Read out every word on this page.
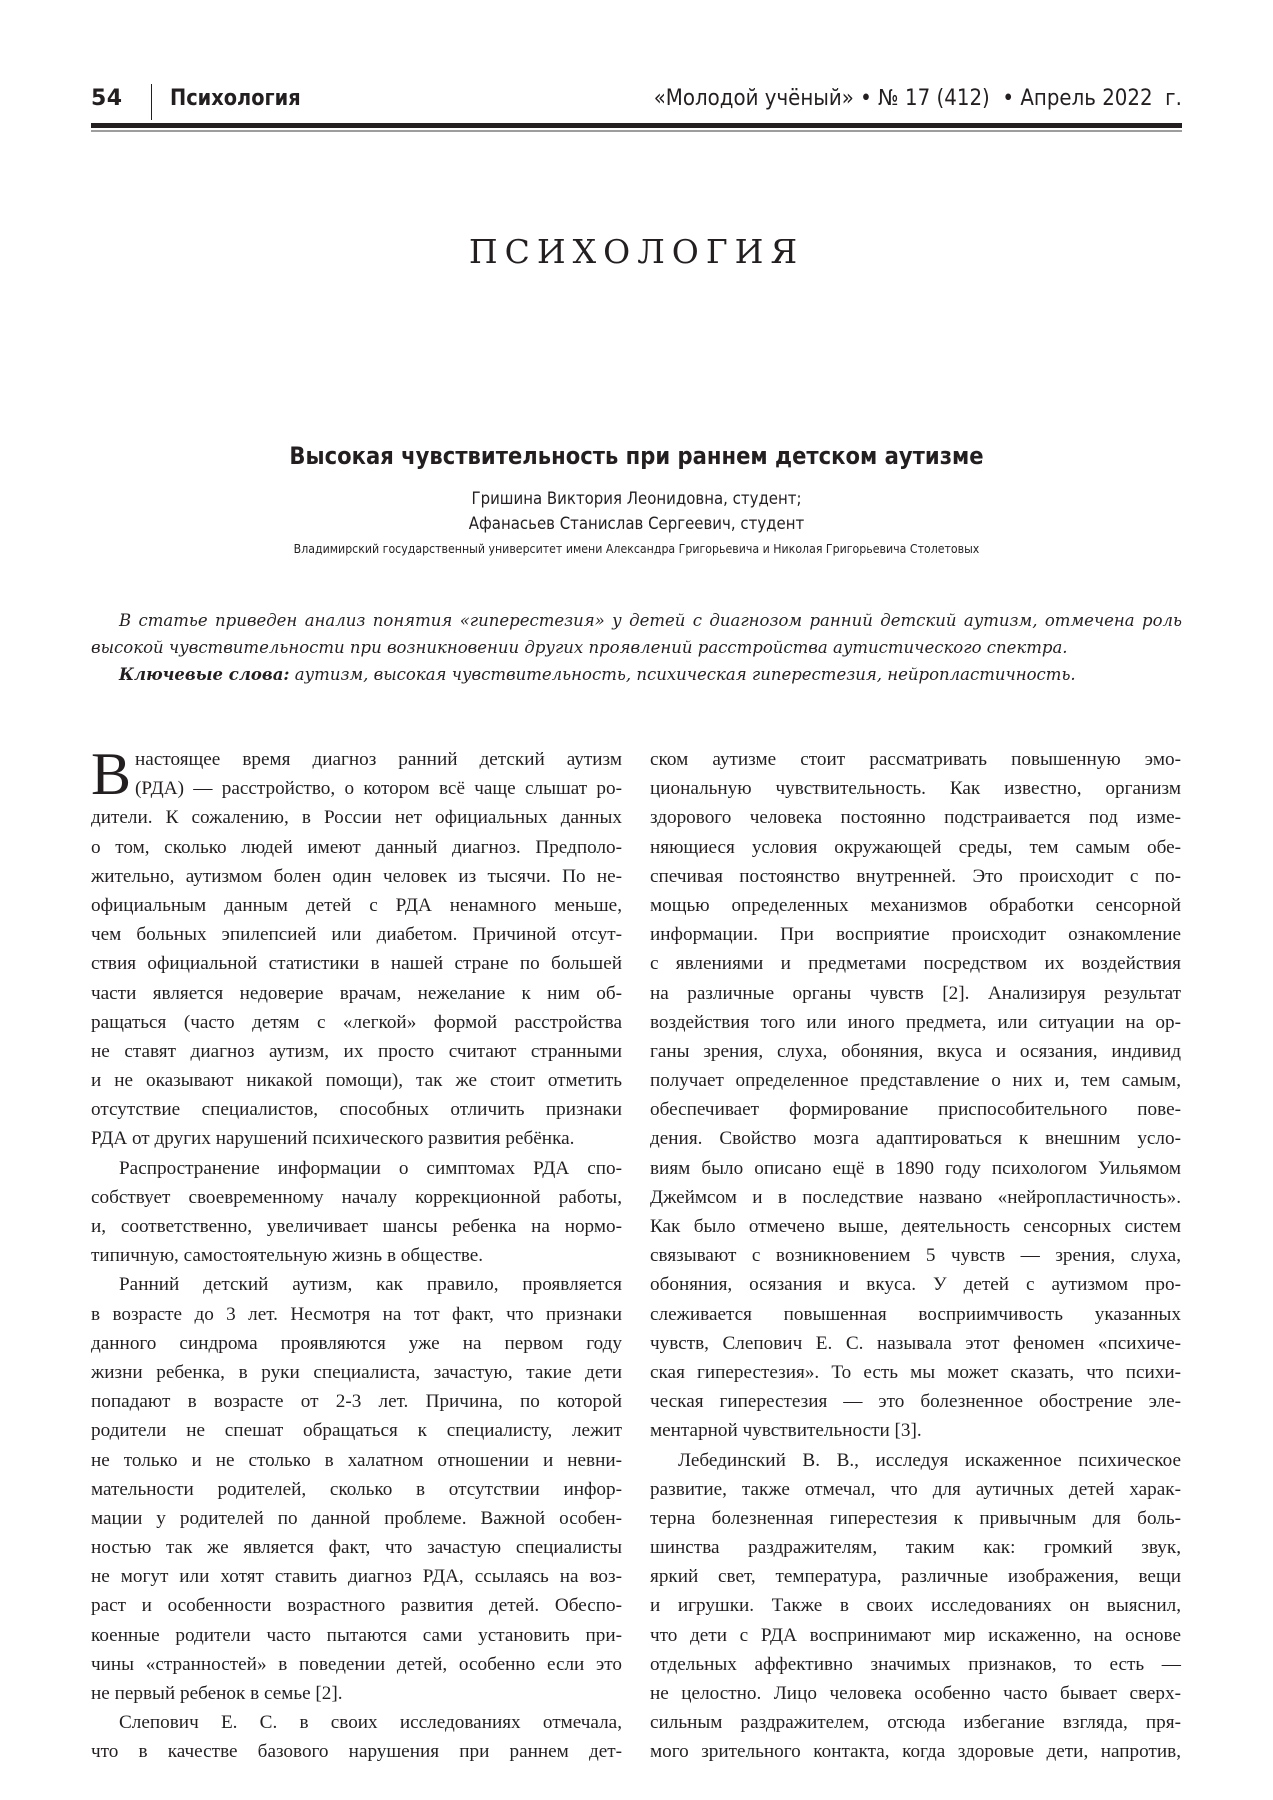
54 Психология	«Молодой учёный» • № 17 (412)  • Апрель 2022  г.
ПСИХОЛОГИЯ
Высокая чувствительность при раннем детском аутизме
Гришина Виктория Леонидовна, студент;
Афанасьев Станислав Сергеевич, студент
Владимирский государственный университет имени Александра Григорьевича и Николая Григорьевича Столетовых

В статье приведен анализ понятия «гиперестезия» у детей с диагнозом ранний детский аутизм, отмечена роль высокой чувствительности при возникновении других проявлений расстройства аутистического спектра.

Ключевые слова: аутизм, высокая чувствительность, психическая гиперестезия, нейропластичность.

В настоящее время диагноз ранний детский аутизм
(РДА) — расстройство, о котором всё чаще слышат ро-
дители. К сожалению, в России нет официальных данных
о том, сколько людей имеют данный диагноз. Предполо-
жительно, аутизмом болен один человек из тысячи. По не-
официальным данным детей с РДА ненамного меньше,
чем больных эпилепсией или диабетом. Причиной отсут-
ствия официальной статистики в нашей стране по большей
части является недоверие врачам, нежелание к ним об-
ращаться (часто детям с «легкой» формой расстройства
не ставят диагноз аутизм, их просто считают странными
и не оказывают никакой помощи), так же стоит отметить
отсутствие специалистов, способных отличить признаки
РДА от других нарушений психического развития ребёнка.
Распространение информации о симптомах РДА спо-
собствует своевременному началу коррекционной работы,
и, соответственно, увеличивает шансы ребенка на нормо-
типичную, самостоятельную жизнь в обществе.
Ранний детский аутизм, как правило, проявляется
в возрасте до 3 лет. Несмотря на тот факт, что признаки
данного синдрома проявляются уже на первом году
жизни ребенка, в руки специалиста, зачастую, такие дети
попадают в возрасте от 2-3 лет. Причина, по которой
родители не спешат обращаться к специалисту, лежит
не только и не столько в халатном отношении и невни-
мательности родителей, сколько в отсутствии инфор-
мации у родителей по данной проблеме. Важной особен-
ностью так же является факт, что зачастую специалисты
не могут или хотят ставить диагноз РДА, ссылаясь на воз-
раст и особенности возрастного развития детей. Обеспо-
коенные родители часто пытаются сами установить при-
чины «странностей» в поведении детей, особенно если это
не первый ребенок в семье [2].
Слепович Е. С. в своих исследованиях отмечала,
что в качестве базового нарушения при раннем дет-
ском аутизме стоит рассматривать повышенную эмо-
циональную чувствительность. Как известно, организм
здорового человека постоянно подстраивается под изме-
няющиеся условия окружающей среды, тем самым обе-
спечивая постоянство внутренней. Это происходит с по-
мощью определенных механизмов обработки сенсорной
информации. При восприятие происходит ознакомление
с явлениями и предметами посредством их воздействия
на различные органы чувств [2]. Анализируя результат
воздействия того или иного предмета, или ситуации на ор-
ганы зрения, слуха, обоняния, вкуса и осязания, индивид
получает определенное представление о них и, тем самым,
обеспечивает формирование приспособительного пове-
дения. Свойство мозга адаптироваться к внешним усло-
виям было описано ещё в 1890 году психологом Уильямом
Джеймсом и в последствие названо «нейропластичность».
Как было отмечено выше, деятельность сенсорных систем
связывают с возникновением 5 чувств — зрения, слуха,
обоняния, осязания и вкуса. У детей с аутизмом про-
слеживается повышенная восприимчивость указанных
чувств, Слепович Е. С. называла этот феномен «психиче-
ская гиперестезия». То есть мы может сказать, что психи-
ческая гиперестезия — это болезненное обострение эле-
ментарной чувствительности [3].
Лебединский В. В., исследуя искаженное психическое
развитие, также отмечал, что для аутичных детей харак-
терна болезненная гиперестезия к привычным для боль-
шинства раздражителям, таким как: громкий звук,
яркий свет, температура, различные изображения, вещи
и игрушки. Также в своих исследованиях он выяснил,
что дети с РДА воспринимают мир искаженно, на основе
отдельных аффективно значимых признаков, то есть —
не целостно. Лицо человека особенно часто бывает сверх-
сильным раздражителем, отсюда избегание взгляда, пря-
мого зрительного контакта, когда здоровые дети, напротив,
